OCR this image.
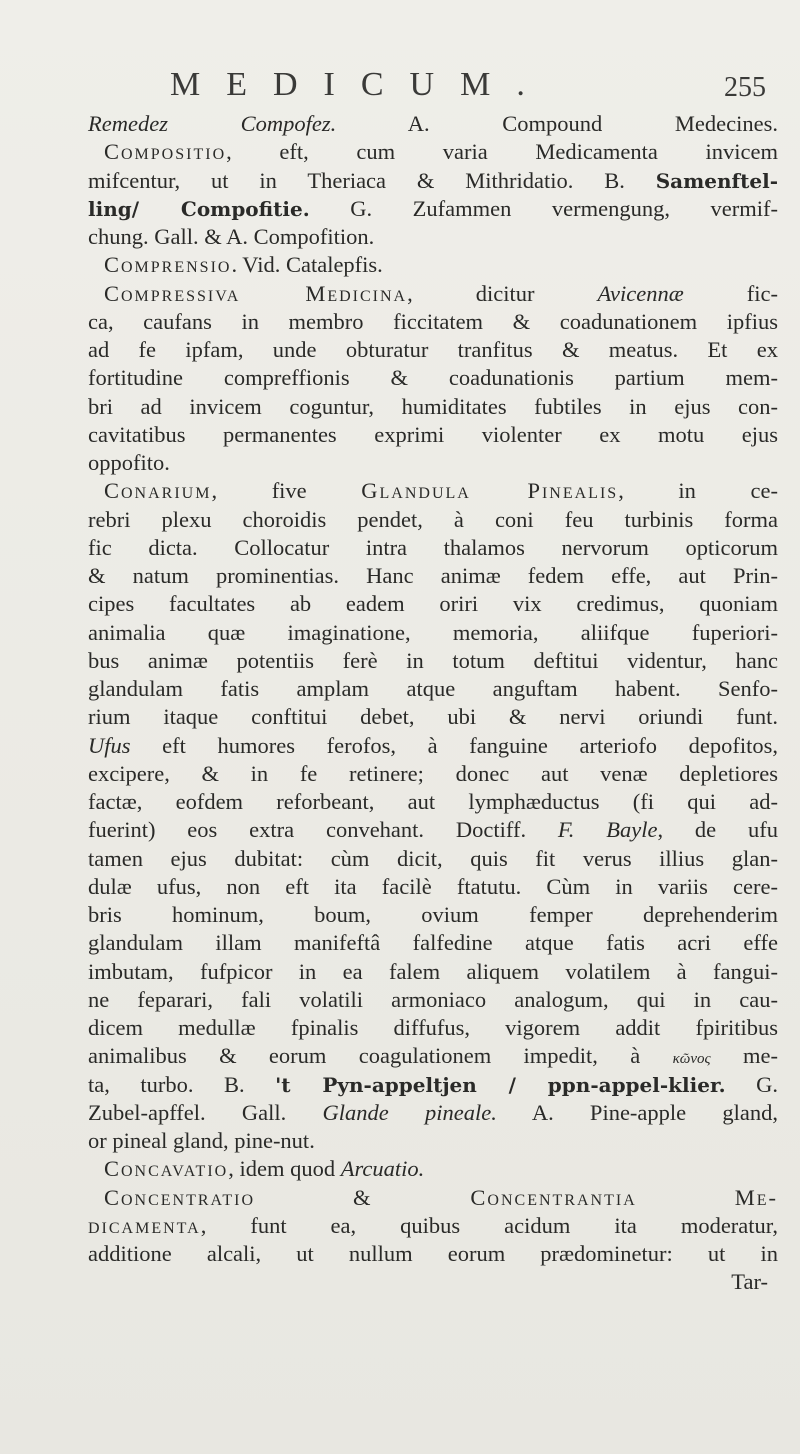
MEDICUM.	255
Remedez Compofez. A. Compound Medecines.
Compositio, eft, cum varia Medicamenta invicem
mifcentur, ut in Theriaca & Mithridatio. B. Samenftel-
ling/ Compofitie. G. Zufammen vermengung, vermif-
chung. Gall. & A. Compofition.
Comprensio. Vid. Catalepfis.
Compressiva Medicina, dicitur Avicennæ fic-
ca, caufans in membro ficcitatem & coadunationem ipfius
ad fe ipfam, unde obturatur tranfitus & meatus. Et ex
fortitudine compreffionis & coadunationis partium mem-
bri ad invicem coguntur, humiditates fubtiles in ejus con-
cavitatibus permanentes exprimi violenter ex motu ejus
oppofito.
Conarium, five Glandula Pinealis, in ce-
rebri plexu choroidis pendet, à coni feu turbinis forma
fic dicta. Collocatur intra thalamos nervorum opticorum
& natum prominentias. Hanc animæ fedem effe, aut Prin-
cipes facultates ab eadem oriri vix credimus, quoniam
animalia quæ imaginatione, memoria, aliifque fuperiori-
bus animæ potentiis ferè in totum deftitui videntur, hanc
glandulam fatis amplam atque anguftam habent. Senfo-
rium itaque conftitui debet, ubi & nervi oriundi funt.
Ufus eft humores ferofos, à fanguine arteriofo depofitos,
excipere, & in fe retinere; donec aut venæ depletiores
factæ, eofdem reforbeant, aut lymphæductus (fi qui ad-
fuerint) eos extra convehant. Doctiff. F. Bayle, de ufu
tamen ejus dubitat: cùm dicit, quis fit verus illius glan-
dulæ ufus, non eft ita facilè ftatutu. Cùm in variis cere-
bris hominum, boum, ovium femper deprehenderim
glandulam illam manifeftâ falfedine atque fatis acri effe
imbutam, fufpicor in ea falem aliquem volatilem à fangui-
ne feparari, fali volatili armoniaco analogum, qui in cau-
dicem medullæ fpinalis diffufus, vigorem addit fpiritibus
animalibus & eorum coagulationem impedit, à κῶνος me-
ta, turbo. B. 't Pyn-appeltjen / ppn-appel-klier. G.
Zubel-apffel. Gall. Glande pineale. A. Pine-apple gland,
or pineal gland, pine-nut.
Concavatio, idem quod Arcuatio.
Concentratio & Concentrantia Me-
dicamenta, funt ea, quibus acidum ita moderatur,
additione alcali, ut nullum eorum prædominetur: ut in
Tar-
